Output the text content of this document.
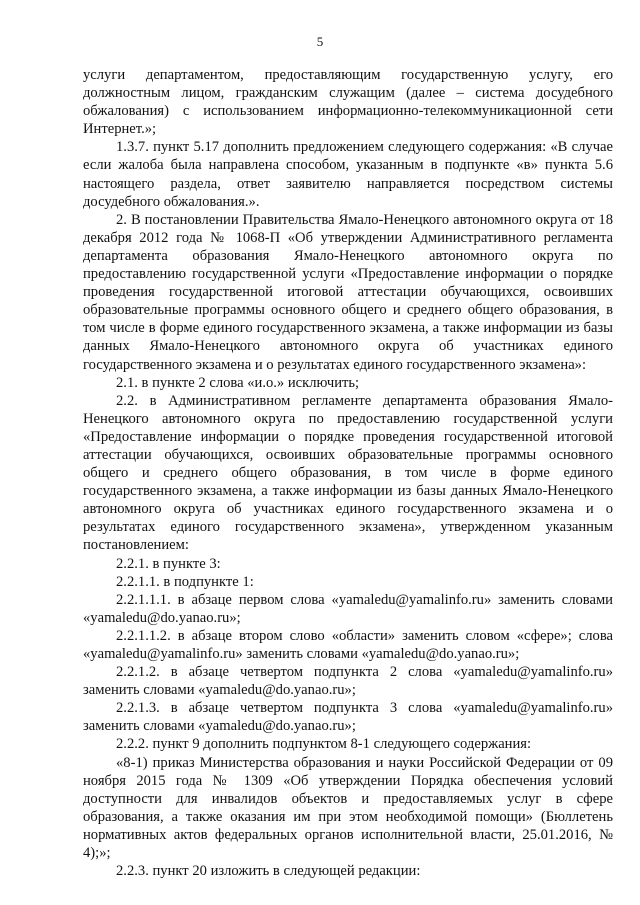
5

услуги департаментом, предоставляющим государственную услугу, его должностным лицом, гражданским служащим (далее – система досудебного обжалования) с использованием информационно-телекоммуникационной сети Интернет.»;

1.3.7. пункт 5.17 дополнить предложением следующего содержания: «В случае если жалоба была направлена способом, указанным в подпункте «в» пункта 5.6 настоящего раздела, ответ заявителю направляется посредством системы досудебного обжалования.».

2. В постановлении Правительства Ямало-Ненецкого автономного округа от 18 декабря 2012 года № 1068-П «Об утверждении Административного регламента департамента образования Ямало-Ненецкого автономного округа по предоставлению государственной услуги «Предоставление информации о порядке проведения государственной итоговой аттестации обучающихся, освоивших образовательные программы основного общего и среднего общего образования, в том числе в форме единого государственного экзамена, а также информации из базы данных Ямало-Ненецкого автономного округа об участниках единого государственного экзамена и о результатах единого государственного экзамена»:

2.1. в пункте 2 слова «и.о.» исключить;

2.2. в Административном регламенте департамента образования Ямало-Ненецкого автономного округа по предоставлению государственной услуги «Предоставление информации о порядке проведения государственной итоговой аттестации обучающихся, освоивших образовательные программы основного общего и среднего общего образования, в том числе в форме единого государственного экзамена, а также информации из базы данных Ямало-Ненецкого автономного округа об участниках единого государственного экзамена и о результатах единого государственного экзамена», утвержденном указанным постановлением:

2.2.1. в пункте 3:

2.2.1.1. в подпункте 1:

2.2.1.1.1. в абзаце первом слова «yamaledu@yamalinfo.ru» заменить словами «yamaledu@do.yanao.ru»;

2.2.1.1.2. в абзаце втором слово «области» заменить словом «сфере»; слова «yamaledu@yamalinfo.ru» заменить словами «yamaledu@do.yanao.ru»;

2.2.1.2. в абзаце четвертом подпункта 2 слова «yamaledu@yamalinfo.ru» заменить словами «yamaledu@do.yanao.ru»;

2.2.1.3. в абзаце четвертом подпункта 3 слова «yamaledu@yamalinfo.ru» заменить словами «yamaledu@do.yanao.ru»;

2.2.2. пункт 9 дополнить подпунктом 8-1 следующего содержания:

«8-1) приказ Министерства образования и науки Российской Федерации от 09 ноября 2015 года № 1309 «Об утверждении Порядка обеспечения условий доступности для инвалидов объектов и предоставляемых услуг в сфере образования, а также оказания им при этом необходимой помощи» (Бюллетень нормативных актов федеральных органов исполнительной власти, 25.01.2016, № 4);»;

2.2.3. пункт 20 изложить в следующей редакции:
